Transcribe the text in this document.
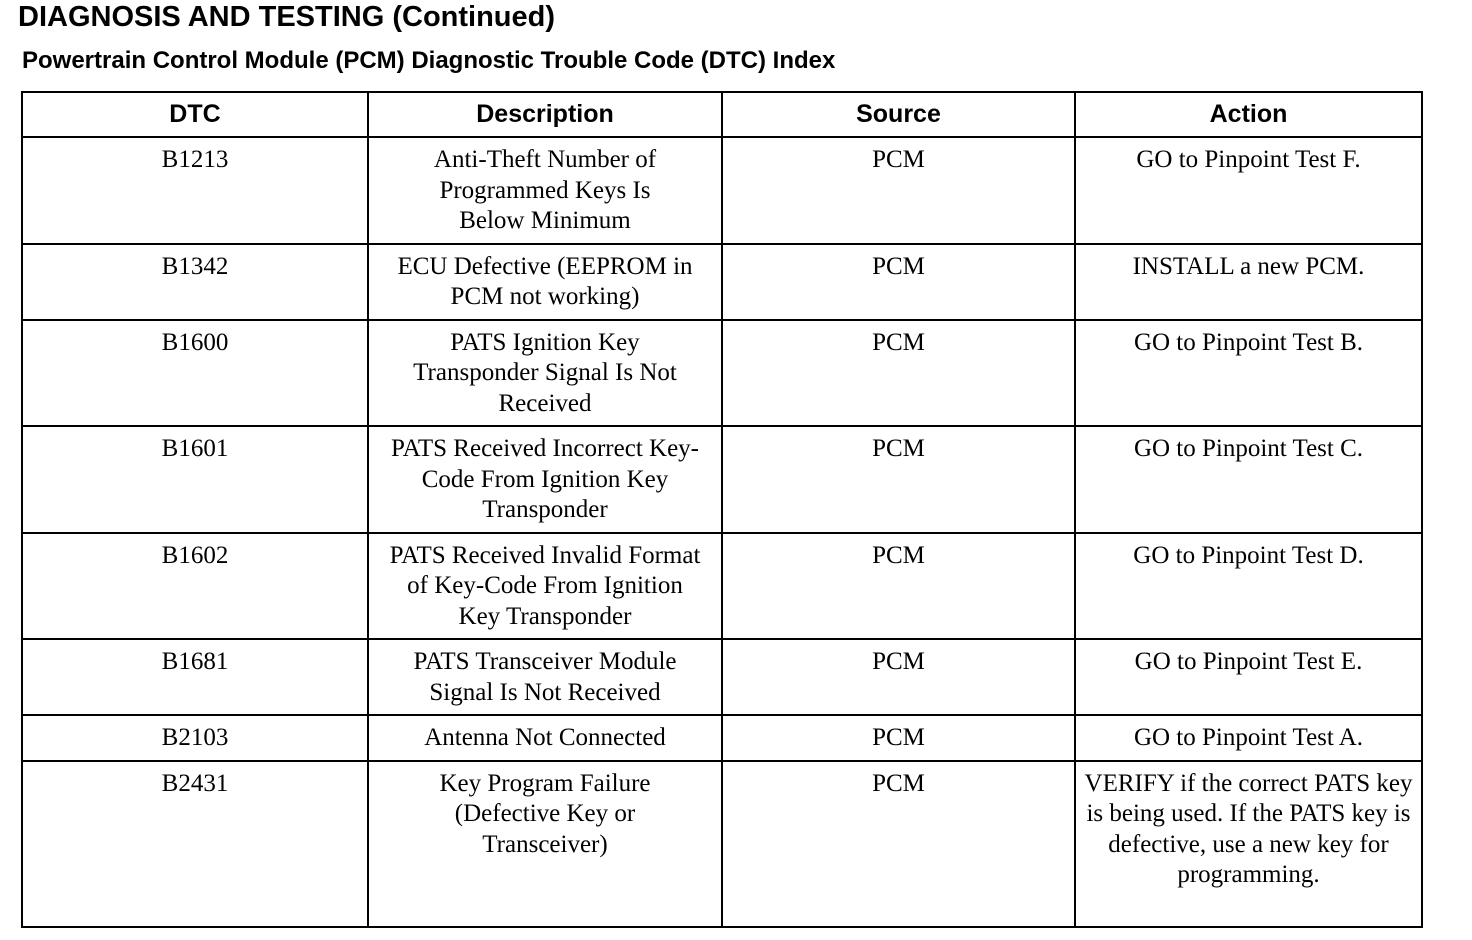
DIAGNOSIS AND TESTING (Continued)
Powertrain Control Module (PCM) Diagnostic Trouble Code (DTC) Index
DTC	Description	Source	Action
B1213	Anti-Theft Number of Programmed Keys Is Below Minimum	PCM	GO to Pinpoint Test F.
B1342	ECU Defective (EEPROM in PCM not working)	PCM	INSTALL a new PCM.
B1600	PATS Ignition Key Transponder Signal Is Not Received	PCM	GO to Pinpoint Test B.
B1601	PATS Received Incorrect Key-Code From Ignition Key Transponder	PCM	GO to Pinpoint Test C.
B1602	PATS Received Invalid Format of Key-Code From Ignition Key Transponder	PCM	GO to Pinpoint Test D.
B1681	PATS Transceiver Module Signal Is Not Received	PCM	GO to Pinpoint Test E.
B2103	Antenna Not Connected	PCM	GO to Pinpoint Test A.
B2431	Key Program Failure (Defective Key or Transceiver)	PCM	VERIFY if the correct PATS key is being used. If the PATS key is defective, use a new key for programming.
